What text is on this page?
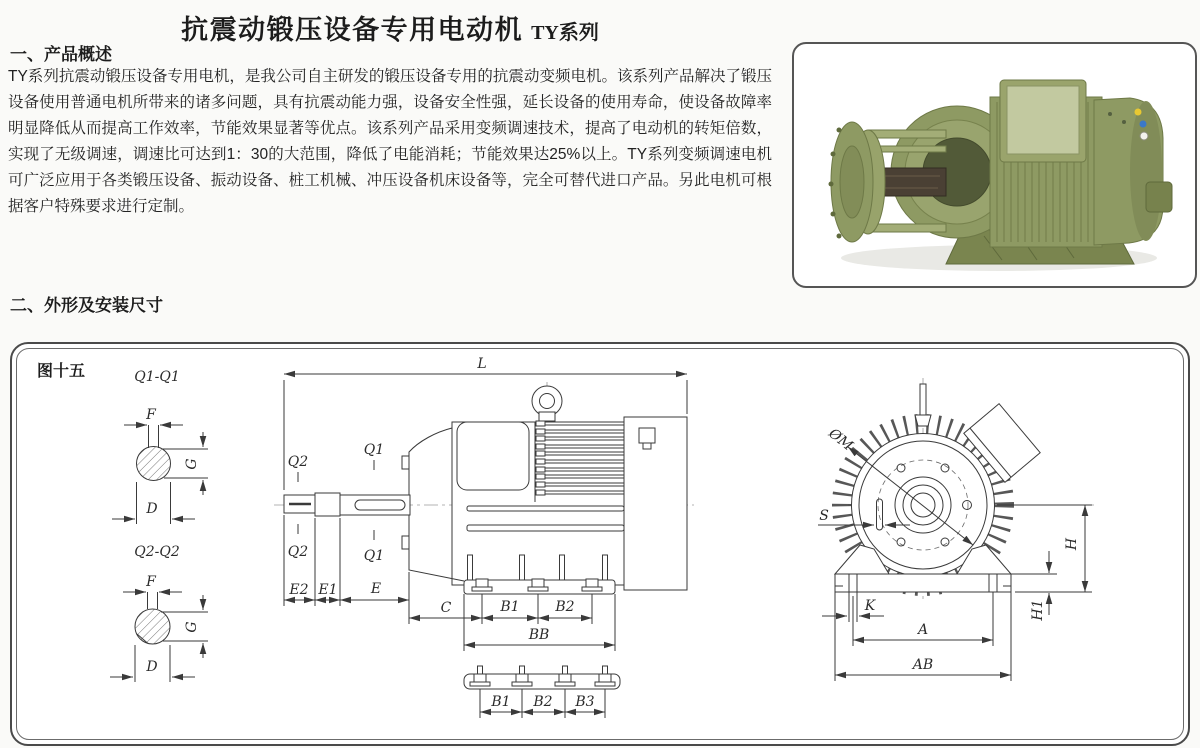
抗震动锻压设备专用电动机 TY系列
一、产品概述
TY系列抗震动锻压设备专用电机，是我公司自主研发的锻压设备专用的抗震动变频电机。该系列产品解决了锻压设备使用普通电机所带来的诸多问题，具有抗震动能力强，设备安全性强，延长设备的使用寿命，使设备故障率明显降低从而提高工作效率，节能效果显著等优点。该系列产品采用变频调速技术，提高了电动机的转矩倍数，实现了无级调速，调速比可达到1：30的大范围，降低了电能消耗；节能效果达25%以上。TY系列变频调速电机可广泛应用于各类锻压设备、振动设备、桩工机械、冲压设备机床设备等，完全可替代进口产品。另此电机可根据客户特殊要求进行定制。
二、外形及安装尺寸
图十五	Q1-Q1
F
G
D
Q2-Q2
F
G
D
L
Q2
Q1
Q2	Q1
E2 E1 E
C	B1	B2
BB
B1 B2 B3
ØM
S
H
H1
K
A
AB
